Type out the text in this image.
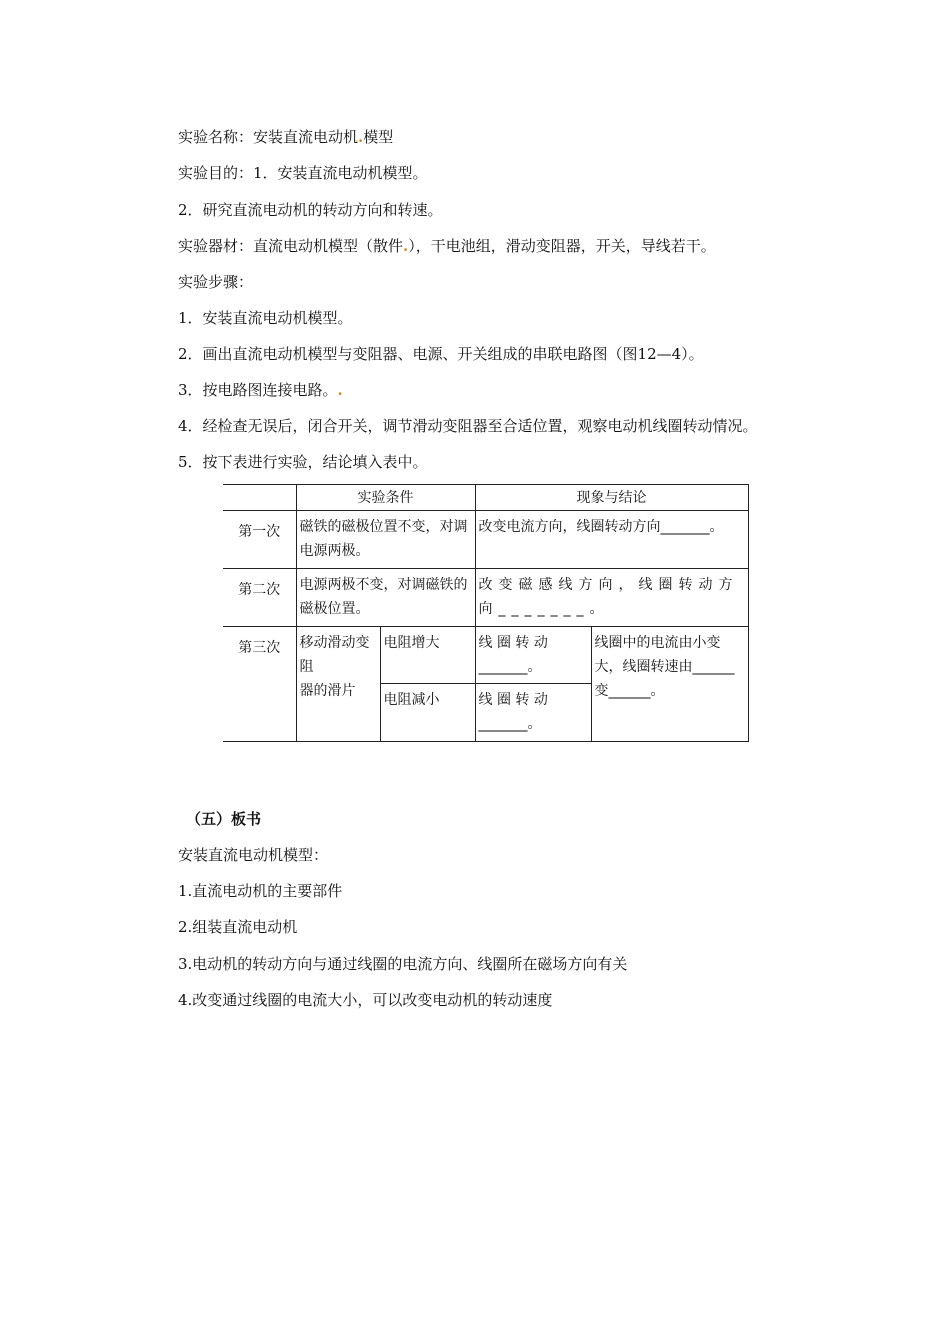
实验名称：安装直流电动机.模型
实验目的：1．安装直流电动机模型。
2．研究直流电动机的转动方向和转速。
实验器材：直流电动机模型（散件.），干电池组，滑动变阻器，开关，导线若干。
实验步骤：
1．安装直流电动机模型。
2．画出直流电动机模型与变阻器、电源、开关组成的串联电路图（图12—4）。
3．按电路图连接电路。.
4．经检查无误后，闭合开关，调节滑动变阻器至合适位置，观察电动机线圈转动情况。
5．按下表进行实验，结论填入表中。
	实验条件		现象与结论	
第一次	磁铁的磁极位置不变，对调电源两极。		改变电流方向，线圈转动方向_______。	
第二次	电源两极不变，对调磁铁的磁极位置。		改变磁感线方向，线圈转动方向_______。	
第三次	移动滑动变
阻
器的滑片	电阻增大	线 圈 转 动_______。	线圈中的电流由小变大，线圈转速由______变______。
		电阻减小	线 圈 转 动_______。	
（五）板书
安装直流电动机模型：
1.直流电动机的主要部件
2.组装直流电动机
3.电动机的转动方向与通过线圈的电流方向、线圈所在磁场方向有关
4.改变通过线圈的电流大小，可以改变电动机的转动速度
